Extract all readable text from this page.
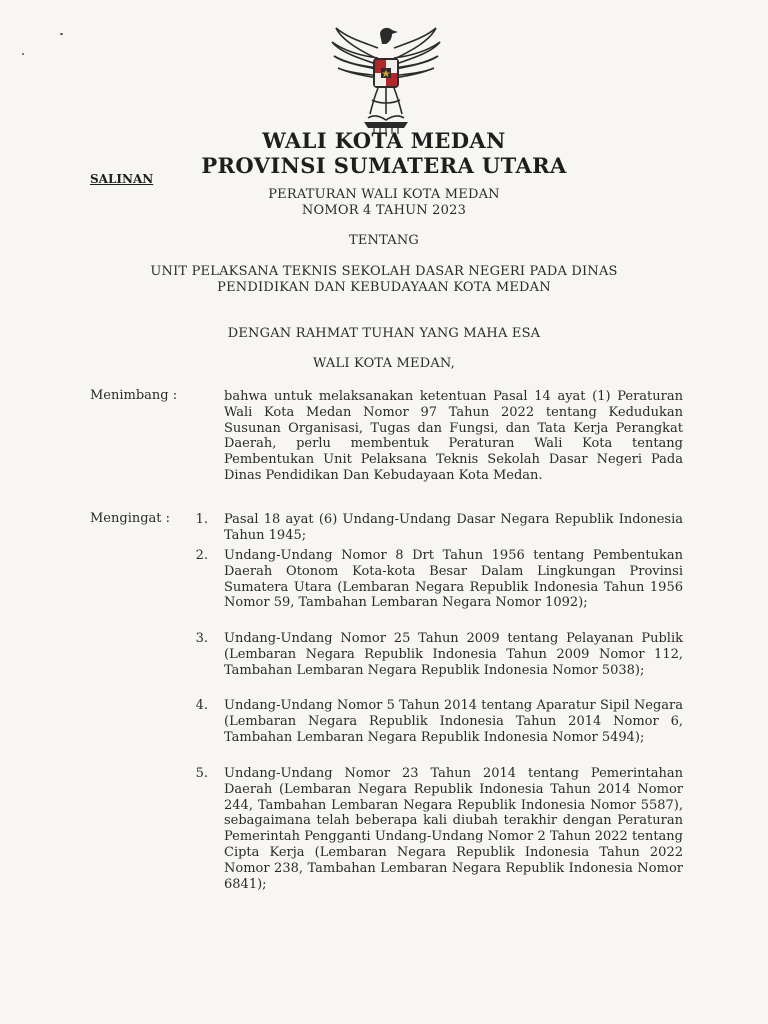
WALI KOTA MEDAN
PROVINSI SUMATERA UTARA
SALINAN
PERATURAN WALI KOTA MEDAN
NOMOR 4 TAHUN 2023
TENTANG
UNIT PELAKSANA TEKNIS SEKOLAH DASAR NEGERI PADA DINAS
PENDIDIKAN DAN KEBUDAYAAN KOTA MEDAN
DENGAN RAHMAT TUHAN YANG MAHA ESA
WALI KOTA MEDAN,
Menimbang :	bahwa untuk melaksanakan ketentuan Pasal 14 ayat (1) Peraturan Wali Kota Medan Nomor 97 Tahun 2022 tentang Kedudukan Susunan Organisasi, Tugas dan Fungsi, dan Tata Kerja Perangkat Daerah, perlu membentuk Peraturan Wali Kota tentang Pembentukan Unit Pelaksana Teknis Sekolah Dasar Negeri Pada Dinas Pendidikan Dan Kebudayaan Kota Medan.
Mengingat :	1. Pasal 18 ayat (6) Undang-Undang Dasar Negara Republik Indonesia Tahun 1945;
2. Undang-Undang Nomor 8 Drt Tahun 1956 tentang Pembentukan Daerah Otonom Kota-kota Besar Dalam Lingkungan Provinsi Sumatera Utara (Lembaran Negara Republik Indonesia Tahun 1956 Nomor 59, Tambahan Lembaran Negara Nomor 1092);
3. Undang-Undang Nomor 25 Tahun 2009 tentang Pelayanan Publik (Lembaran Negara Republik Indonesia Tahun 2009 Nomor 112, Tambahan Lembaran Negara Republik Indonesia Nomor 5038);
4. Undang-Undang Nomor 5 Tahun 2014 tentang Aparatur Sipil Negara (Lembaran Negara Republik Indonesia Tahun 2014 Nomor 6, Tambahan Lembaran Negara Republik Indonesia Nomor 5494);
5. Undang-Undang Nomor 23 Tahun 2014 tentang Pemerintahan Daerah (Lembaran Negara Republik Indonesia Tahun 2014 Nomor 244, Tambahan Lembaran Negara Republik Indonesia Nomor 5587), sebagaimana telah beberapa kali diubah terakhir dengan Peraturan Pemerintah Pengganti Undang-Undang Nomor 2 Tahun 2022 tentang Cipta Kerja (Lembaran Negara Republik Indonesia Tahun 2022 Nomor 238, Tambahan Lembaran Negara Republik Indonesia Nomor 6841);
